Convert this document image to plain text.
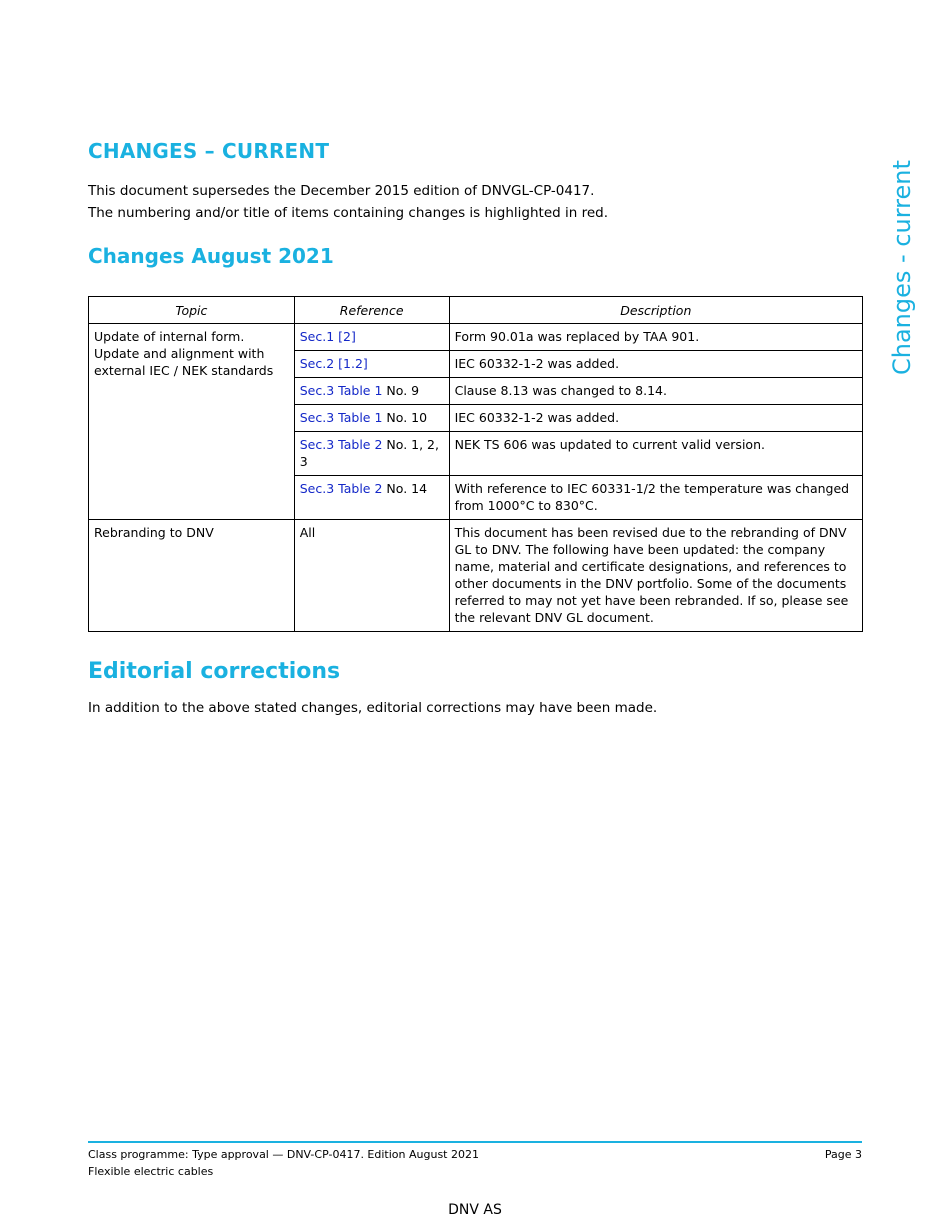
CHANGES – CURRENT

This document supersedes the December 2015 edition of DNVGL-CP-0417.

The numbering and/or title of items containing changes is highlighted in red.

Changes August 2021
Topic	Reference	Description

Update of internal form.
Update and alignment with
external IEC / NEK standards	Sec.1 [2]	Form 90.01a was replaced by TAA 901.
	Sec.2 [1.2]	IEC 60332-1-2 was added.
	Sec.3 Table 1 No. 9	Clause 8.13 was changed to 8.14.
	Sec.3 Table 1 No. 10	IEC 60332-1-2 was added.
	Sec.3 Table 2 No. 1, 2, 3	NEK TS 606 was updated to current valid version.
	Sec.3 Table 2 No. 14	With reference to IEC 60331-1/2 the temperature was changed from 1000°C to 830°C.
Rebranding to DNV	All	This document has been revised due to the rebranding of DNV GL to DNV. The following have been updated: the company name, material and certificate designations, and references to other documents in the DNV portfolio. Some of the documents referred to may not yet have been rebranded. If so, please see the relevant DNV GL document.
Editorial corrections

In addition to the above stated changes, editorial corrections may have been made.

Changes - current
Class programme: Type approval — DNV-CP-0417. Edition August 2021
Flexible electric cables
Page 3
DNV AS
